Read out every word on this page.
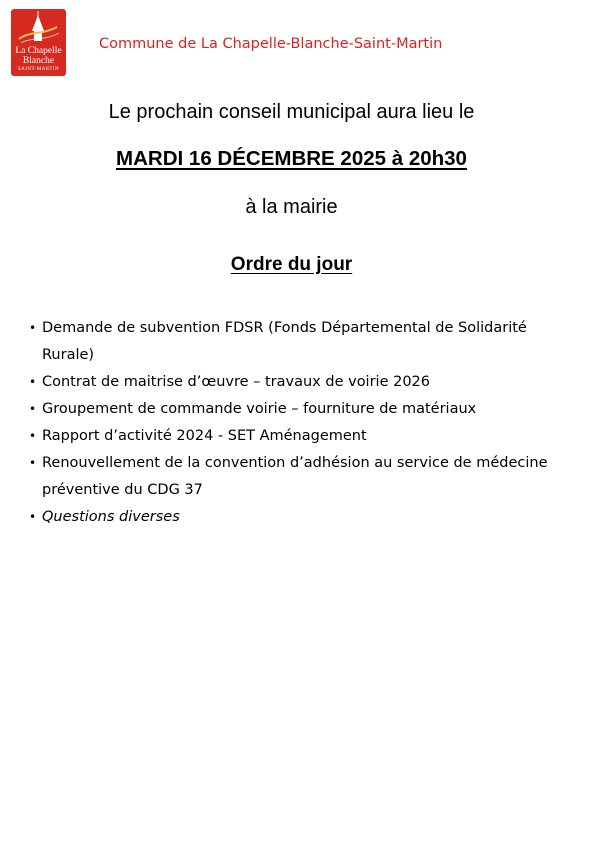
La Chapelle
Blanche
SAINT-MARTIN
Commune de La Chapelle-Blanche-Saint-Martin
Le prochain conseil municipal aura lieu le
MARDI 16 DÉCEMBRE 2025 à 20h30
à la mairie
Ordre du jour
• Demande de subvention FDSR (Fonds Départemental de Solidarité Rurale)
• Contrat de maitrise d’œuvre – travaux de voirie 2026
• Groupement de commande voirie – fourniture de matériaux
• Rapport d’activité 2024 - SET Aménagement
• Renouvellement de la convention d’adhésion au service de médecine préventive du CDG 37
• Questions diverses
